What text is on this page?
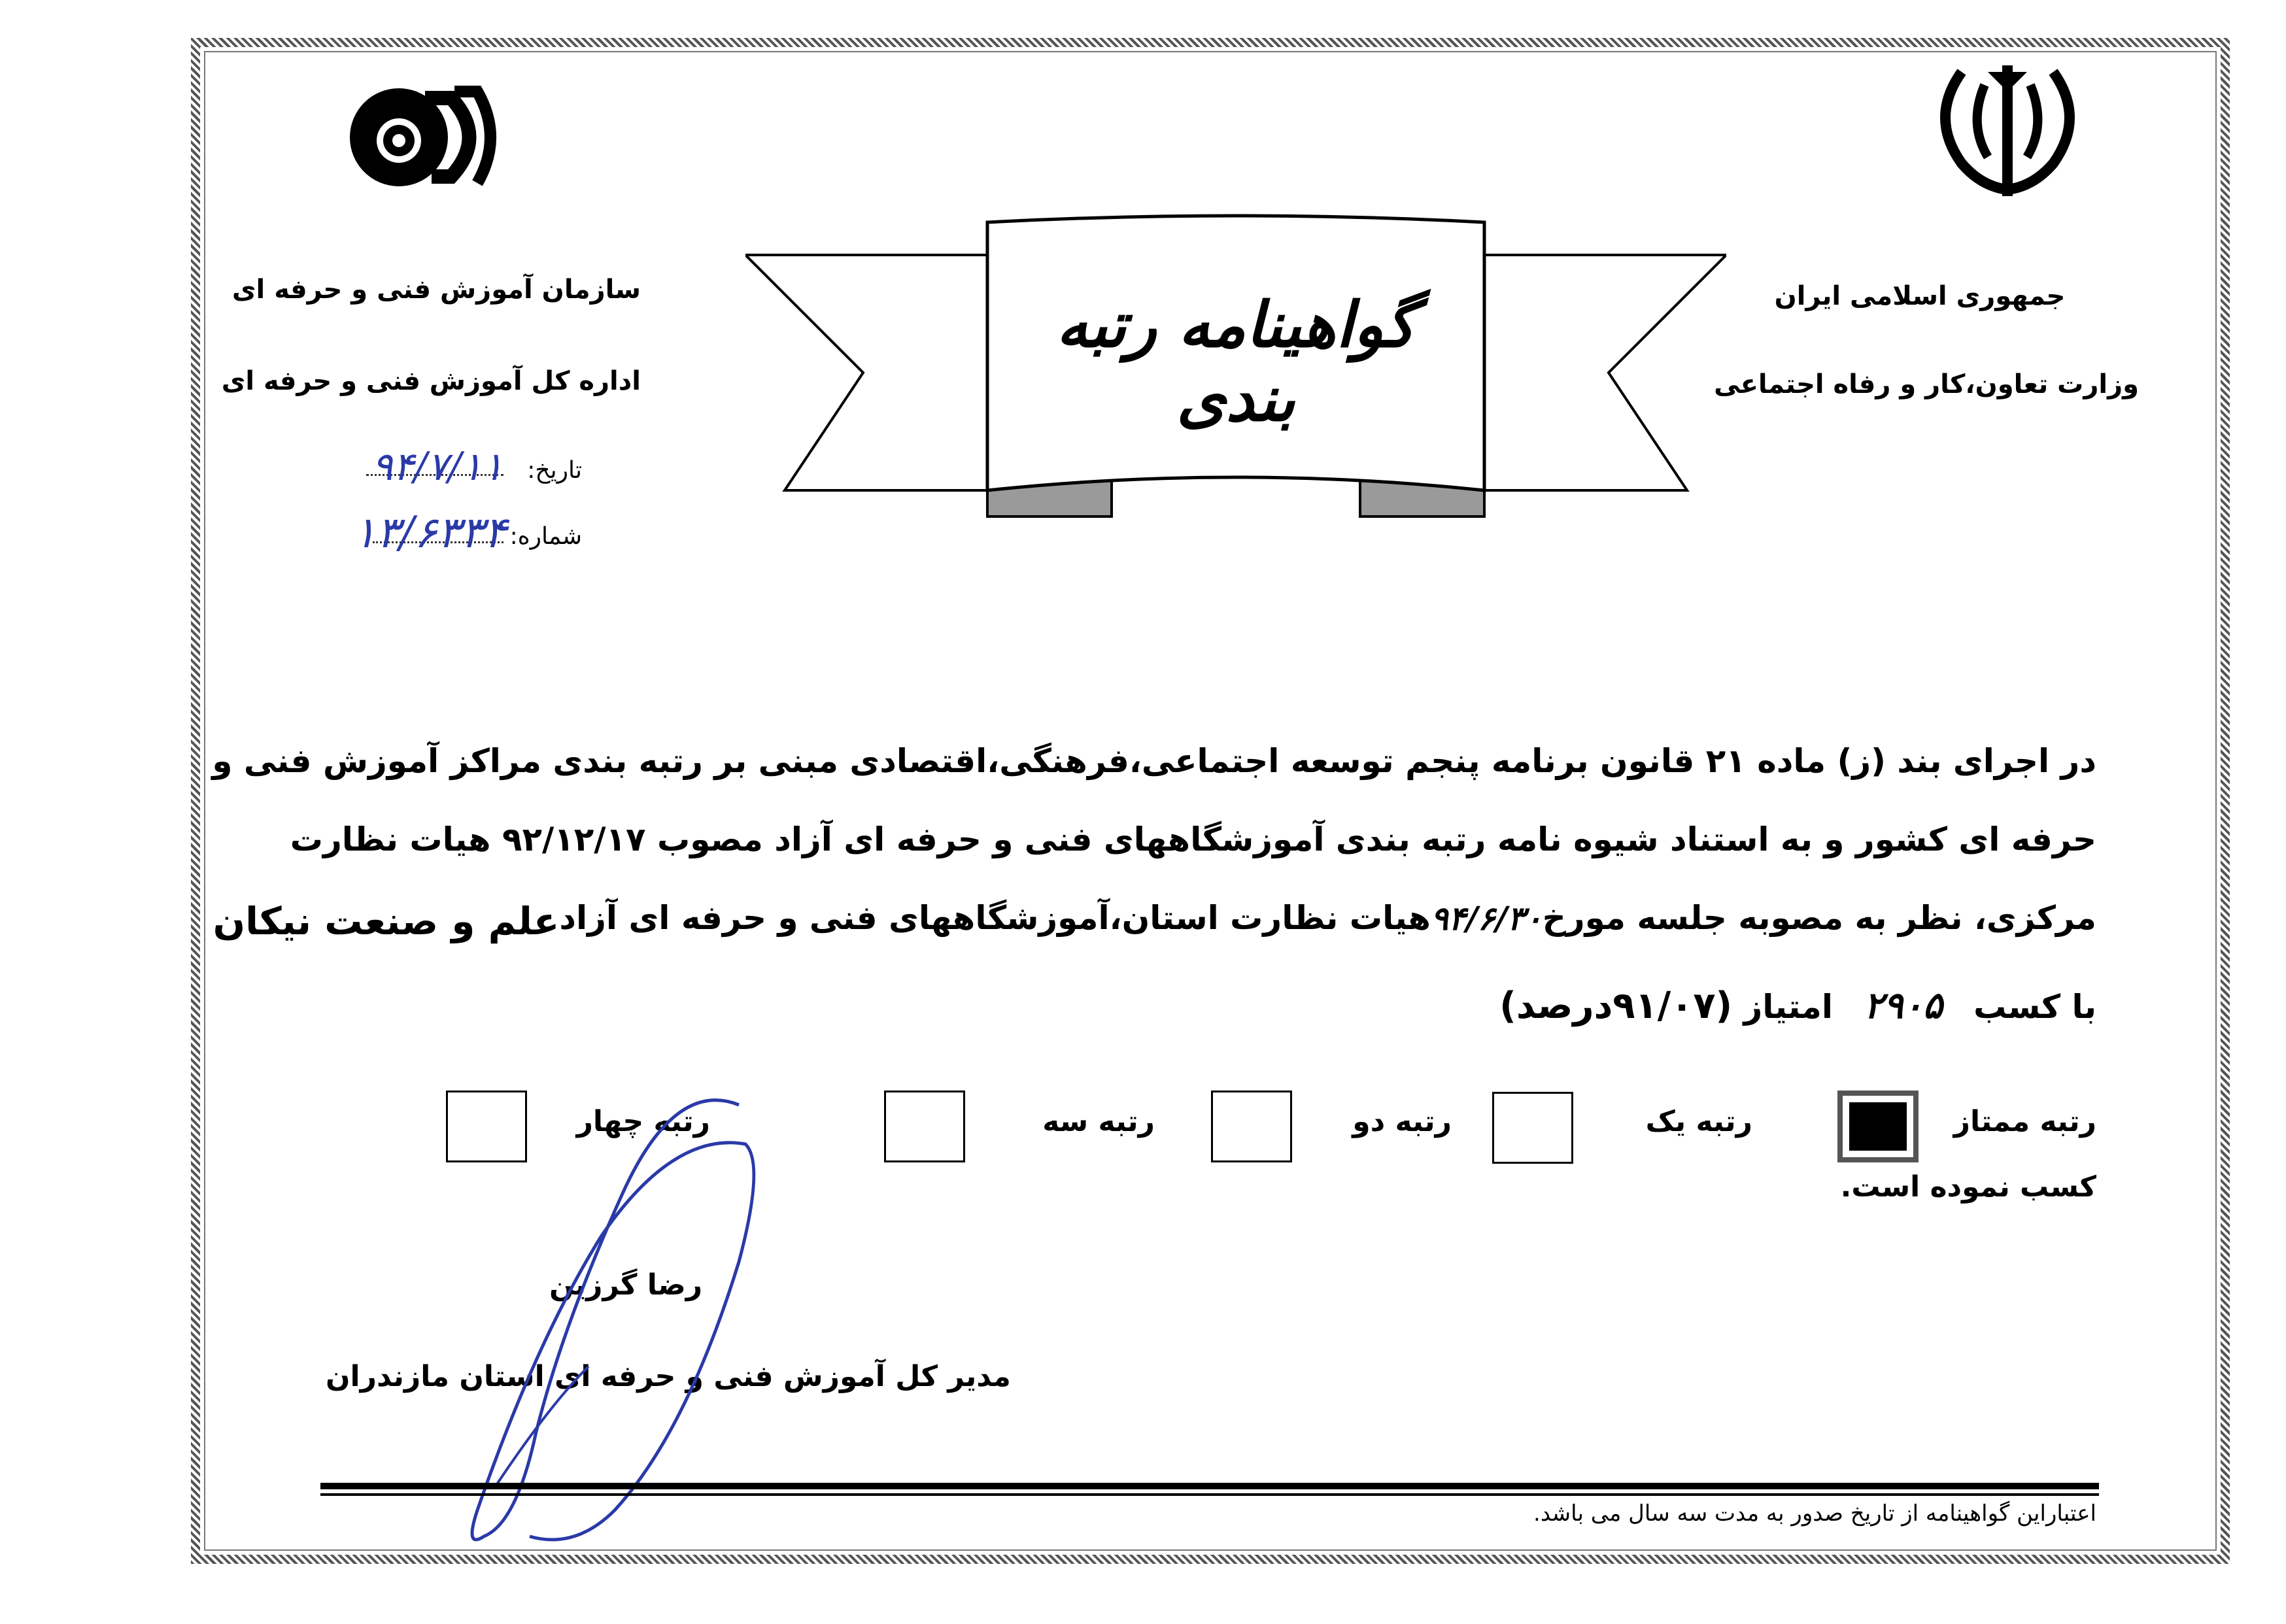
جمهوری اسلامی ایران
وزارت تعاون،کار و رفاه اجتماعی
سازمان آموزش فنی و حرفه ای
اداره کل آموزش فنی و حرفه ای
تاریخ:
۹۴/۷/۱۱
شماره:
۱۳/۶۳۳۴
گواهینامه رتبه بندی
در اجرای بند (ز) ماده ۲۱ قانون برنامه پنجم توسعه اجتماعی،فرهنگی،اقتصادی مبنی بر رتبه بندی مراکز آموزش فنی و
حرفه ای کشور و به استناد شیوه نامه رتبه بندی آموزشگاههای فنی و حرفه ای آزاد مصوب ۹۲/۱۲/۱۷ هیات نظارت
مرکزی، نظر به مصوبه جلسه مورخ
۹۴/۶/۳۰
هیات نظارت استان،آموزشگاههای فنی و حرفه ای آزاد
علم و صنعت نیکان
با کسب ۲۹۰۵ امتیاز (۹۱/۰۷درصد)
رتبه ممتاز
رتبه یک
رتبه دو
رتبه سه
رتبه چهار
کسب نموده است.
رضا گرزین
مدیر کل آموزش فنی و حرفه ای استان مازندران
اعتباراین گواهینامه از تاریخ صدور به مدت سه سال می باشد.
